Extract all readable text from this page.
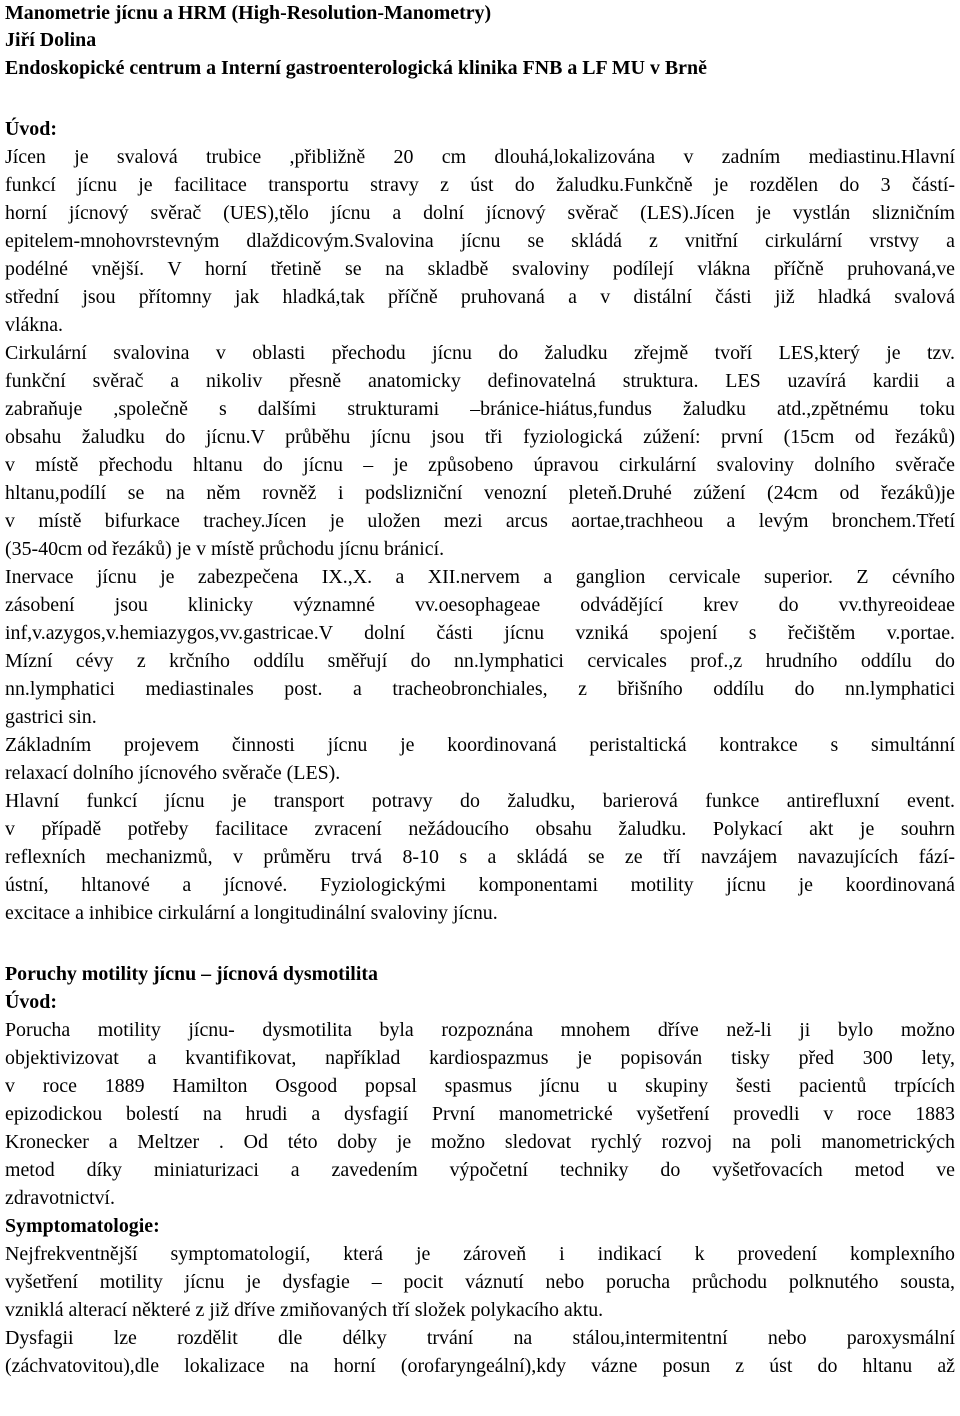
Manometrie jícnu a HRM (High-Resolution-Manometry)
Jiří Dolina
Endoskopické centrum a Interní gastroenterologická klinika FNB a LF MU v Brně
Úvod:
Jícen je svalová trubice ,přibližně 20 cm dlouhá,lokalizována v zadním mediastinu.Hlavní
funkcí jícnu je facilitace transportu stravy z úst do žaludku.Funkčně je rozdělen do 3 částí-
horní jícnový svěrač (UES),tělo jícnu a dolní jícnový svěrač (LES).Jícen je vystlán slizničním
epitelem-mnohovrstevným dlaždicovým.Svalovina jícnu se skládá z vnitřní cirkulární vrstvy a
podélné vnější. V horní třetině se na skladbě svaloviny podílejí vlákna příčně pruhovaná,ve
střední jsou přítomny jak hladká,tak příčně pruhovaná a v distální části již hladká svalová
vlákna.
Cirkulární svalovina v oblasti přechodu jícnu do žaludku zřejmě tvoří LES,který je tzv.
funkční svěrač a nikoliv přesně anatomicky definovatelná struktura. LES uzavírá kardii a
zabraňuje ,společně s dalšími strukturami –bránice-hiátus,fundus žaludku atd.,zpětnému toku
obsahu žaludku do jícnu.V průběhu jícnu jsou tři fyziologická zúžení: první (15cm od řezáků)
v místě přechodu hltanu do jícnu – je způsobeno úpravou cirkulární svaloviny dolního svěrače
hltanu,podílí se na něm rovněž i podslizniční venozní pleteň.Druhé zúžení (24cm od řezáků)je
v místě bifurkace trachey.Jícen je uložen mezi arcus aortae,trachheou a levým bronchem.Třetí
(35-40cm od řezáků) je v místě průchodu jícnu bránicí.
Inervace jícnu je zabezpečena IX.,X. a XII.nervem a ganglion cervicale superior. Z cévního
zásobení jsou klinicky významné vv.oesophageae odvádějící krev do vv.thyreoideae
inf,v.azygos,v.hemiazygos,vv.gastricae.V dolní části jícnu vzniká spojení s řečištěm v.portae.
Mízní cévy z krčního oddílu směřují do nn.lymphatici cervicales prof.,z hrudního oddílu do
nn.lymphatici mediastinales post. a tracheobronchiales, z břišního oddílu do nn.lymphatici
gastrici sin.
Základním projevem činnosti jícnu je koordinovaná peristaltická kontrakce s simultánní
relaxací dolního jícnového svěrače (LES).
Hlavní funkcí jícnu je transport potravy do žaludku, barierová funkce antirefluxní event.
v případě potřeby facilitace zvracení nežádoucího obsahu žaludku. Polykací akt je souhrn
reflexních mechanizmů, v průměru trvá 8-10 s a skládá se ze tří navzájem navazujících fází-
ústní, hltanové a jícnové. Fyziologickými komponentami motility jícnu je koordinovaná
excitace a inhibice cirkulární a longitudinální svaloviny jícnu.
Poruchy motility jícnu – jícnová dysmotilita
Úvod:
Porucha motility jícnu- dysmotilita byla rozpoznána mnohem dříve než-li ji bylo možno
objektivizovat a kvantifikovat, například kardiospazmus je popisován tisky před 300 lety,
v roce 1889 Hamilton Osgood popsal spasmus jícnu u skupiny šesti pacientů trpících
epizodickou bolestí na hrudi a dysfagií První manometrické vyšetření provedli v roce 1883
Kronecker a Meltzer . Od této doby je možno sledovat rychlý rozvoj na poli manometrických
metod díky miniaturizaci a zavedením výpočetní techniky do vyšetřovacích metod ve
zdravotnictví.
Symptomatologie:
Nejfrekventnější symptomatologií, která je zároveň i indikací k provedení komplexního
vyšetření motility jícnu je dysfagie – pocit váznutí nebo porucha průchodu polknutého sousta,
vzniklá alterací některé z již dříve zmiňovaných tří složek polykacího aktu.
Dysfagii lze rozdělit dle délky trvání na stálou,intermitentní nebo paroxysmální
(záchvatovitou),dle lokalizace na horní (orofaryngeální),kdy vázne posun z úst do hltanu až
